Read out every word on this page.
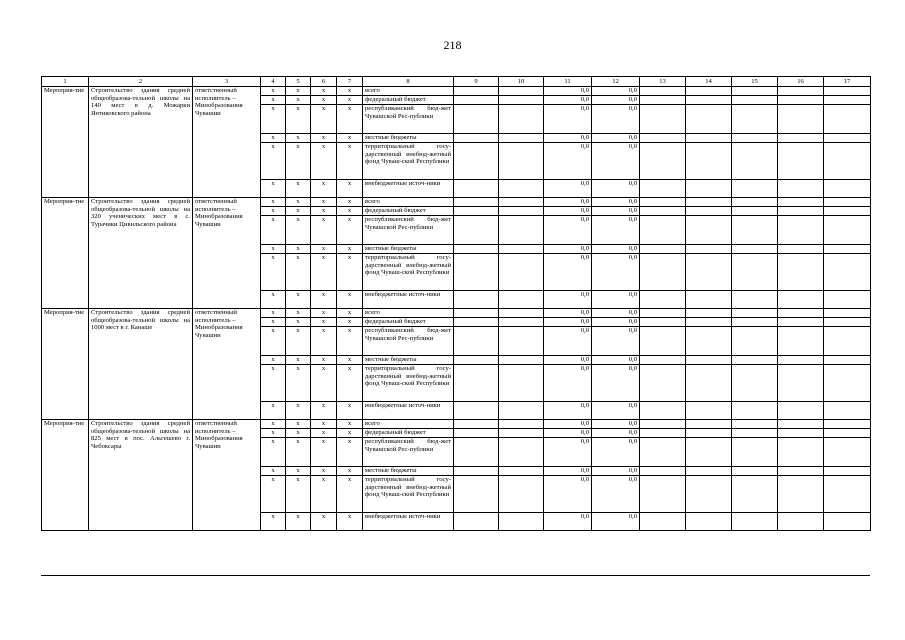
218
1	2	3	4	5	6	7	8	9	10	11	12	13	14	15	16	17
Мероприя-тие	Строительство здания средней общеобразова-тельной школы на 140 мест в д. Можарки Янтиковского района	ответственный исполнитель – Минобразования Чувашии	x	x	x	x	всего			0,0	0,0					
			x	x	x	x	федеральный бюджет			0,0	0,0					
			x	x	x	x	республиканский бюд-жет Чувашской Рес-публики			0,0	0,0					
			x	x	x	x	местные бюджеты			0,0	0,0					
			x	x	x	x	территориальный госу-дарственный внебюд-жетный фонд Чуваш-ской Республики			0,0	0,0					
			x	x	x	x	внебюджетные источ-ники			0,0	0,0					
Мероприя-тие	Строительство здания средней общеобразова-тельной школы на 320 ученических мест в с. Турачики Цивильского района	ответственный исполнитель – Минобразования Чувашии	x	x	x	x	всего			0,0	0,0					
			x	x	x	x	федеральный бюджет			0,0	0,0					
			x	x	x	x	республиканский бюд-жет Чувашской Рес-публики			0,0	0,0					
			x	x	x	x	местные бюджеты			0,0	0,0					
			x	x	x	x	территориальный госу-дарственный внебюд-жетный фонд Чуваш-ской Республики			0,0	0,0					
			x	x	x	x	внебюджетные источ-ники			0,0	0,0					
Мероприя-тие	Строительство здания средней общеобразова-тельной школы на 1000 мест в г. Канаше	ответственный исполнитель – Минобразования Чувашии	x	x	x	x	всего			0,0	0,0					
			x	x	x	x	федеральный бюджет			0,0	0,0					
			x	x	x	x	республиканский бюд-жет Чувашской Рес-публики			0,0	0,0					
			x	x	x	x	местные бюджеты			0,0	0,0					
			x	x	x	x	территориальный госу-дарственный внебюд-жетный фонд Чуваш-ской Республики			0,0	0,0					
			x	x	x	x	внебюджетные источ-ники			0,0	0,0					
Мероприя-тие	Строительство здания средней общеобразова-тельной школы на 825 мест в пос. Альгешево г. Чебоксары	ответственный исполнитель – Минобразования Чувашии	x	x	x	x	всего			0,0	0,0					
			x	x	x	x	федеральный бюджет			0,0	0,0					
			x	x	x	x	республиканский бюд-жет Чувашской Рес-публики			0,0	0,0					
			x	x	x	x	местные бюджеты			0,0	0,0					
			x	x	x	x	территориальный госу-дарственный внебюд-жетный фонд Чуваш-ской Республики			0,0	0,0					
			x	x	x	x	внебюджетные источ-ники			0,0	0,0					
